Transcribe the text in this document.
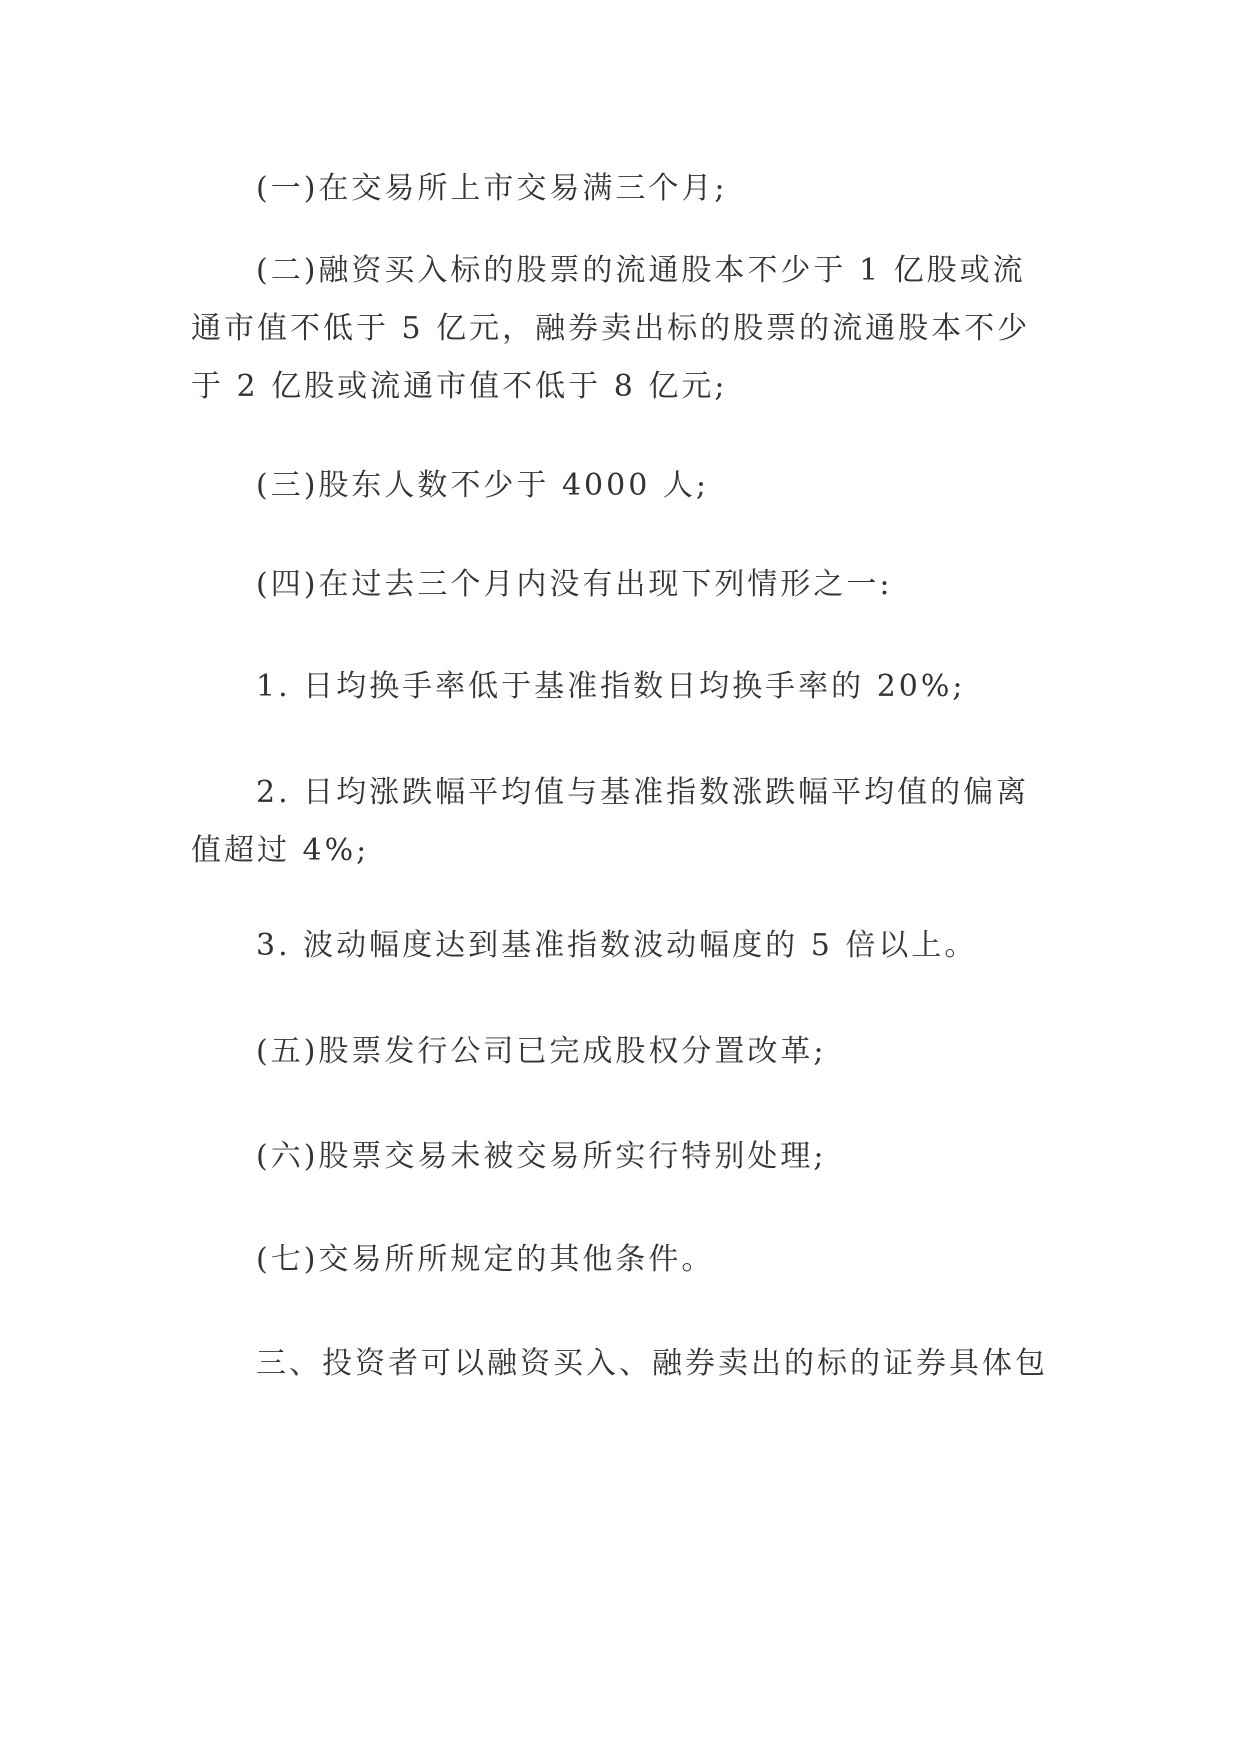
(一)在交易所上市交易满三个月;

(二)融资买入标的股票的流通股本不少于 1 亿股或流通市值不低于 5 亿元，融券卖出标的股票的流通股本不少于 2 亿股或流通市值不低于 8 亿元;

(三)股东人数不少于 4000 人;

(四)在过去三个月内没有出现下列情形之一:

1. 日均换手率低于基准指数日均换手率的 20%;

2. 日均涨跌幅平均值与基准指数涨跌幅平均值的偏离值超过 4%;

3. 波动幅度达到基准指数波动幅度的 5 倍以上。

(五)股票发行公司已完成股权分置改革;

(六)股票交易未被交易所实行特别处理;

(七)交易所所规定的其他条件。

三、投资者可以融资买入、融券卖出的标的证券具体包
